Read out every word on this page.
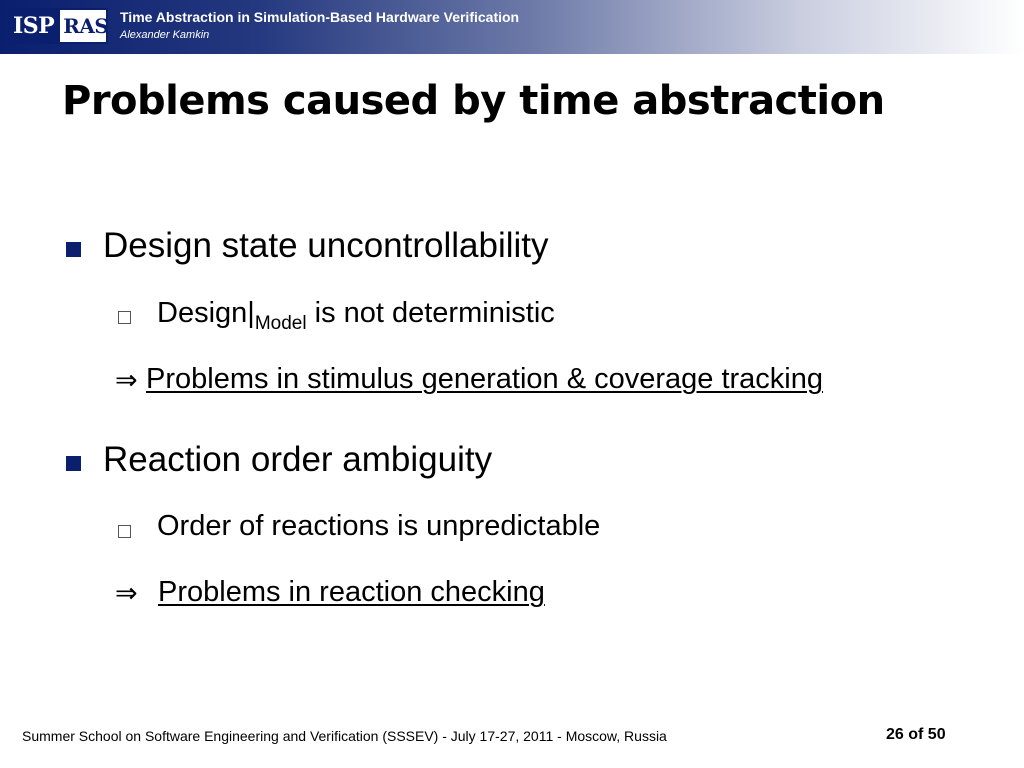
ISP RAS Time Abstraction in Simulation-Based Hardware Verification
Alexander Kamkin
Problems caused by time abstraction
Design state uncontrollability
$Design|_{Model}$ is not deterministic
⇒ Problems in stimulus generation & coverage tracking
Reaction order ambiguity
Order of reactions is unpredictable
⇒ Problems in reaction checking
Summer School on Software Engineering and Verification (SSSEV) - July 17-27, 2011 - Moscow, Russia	26 of 50
